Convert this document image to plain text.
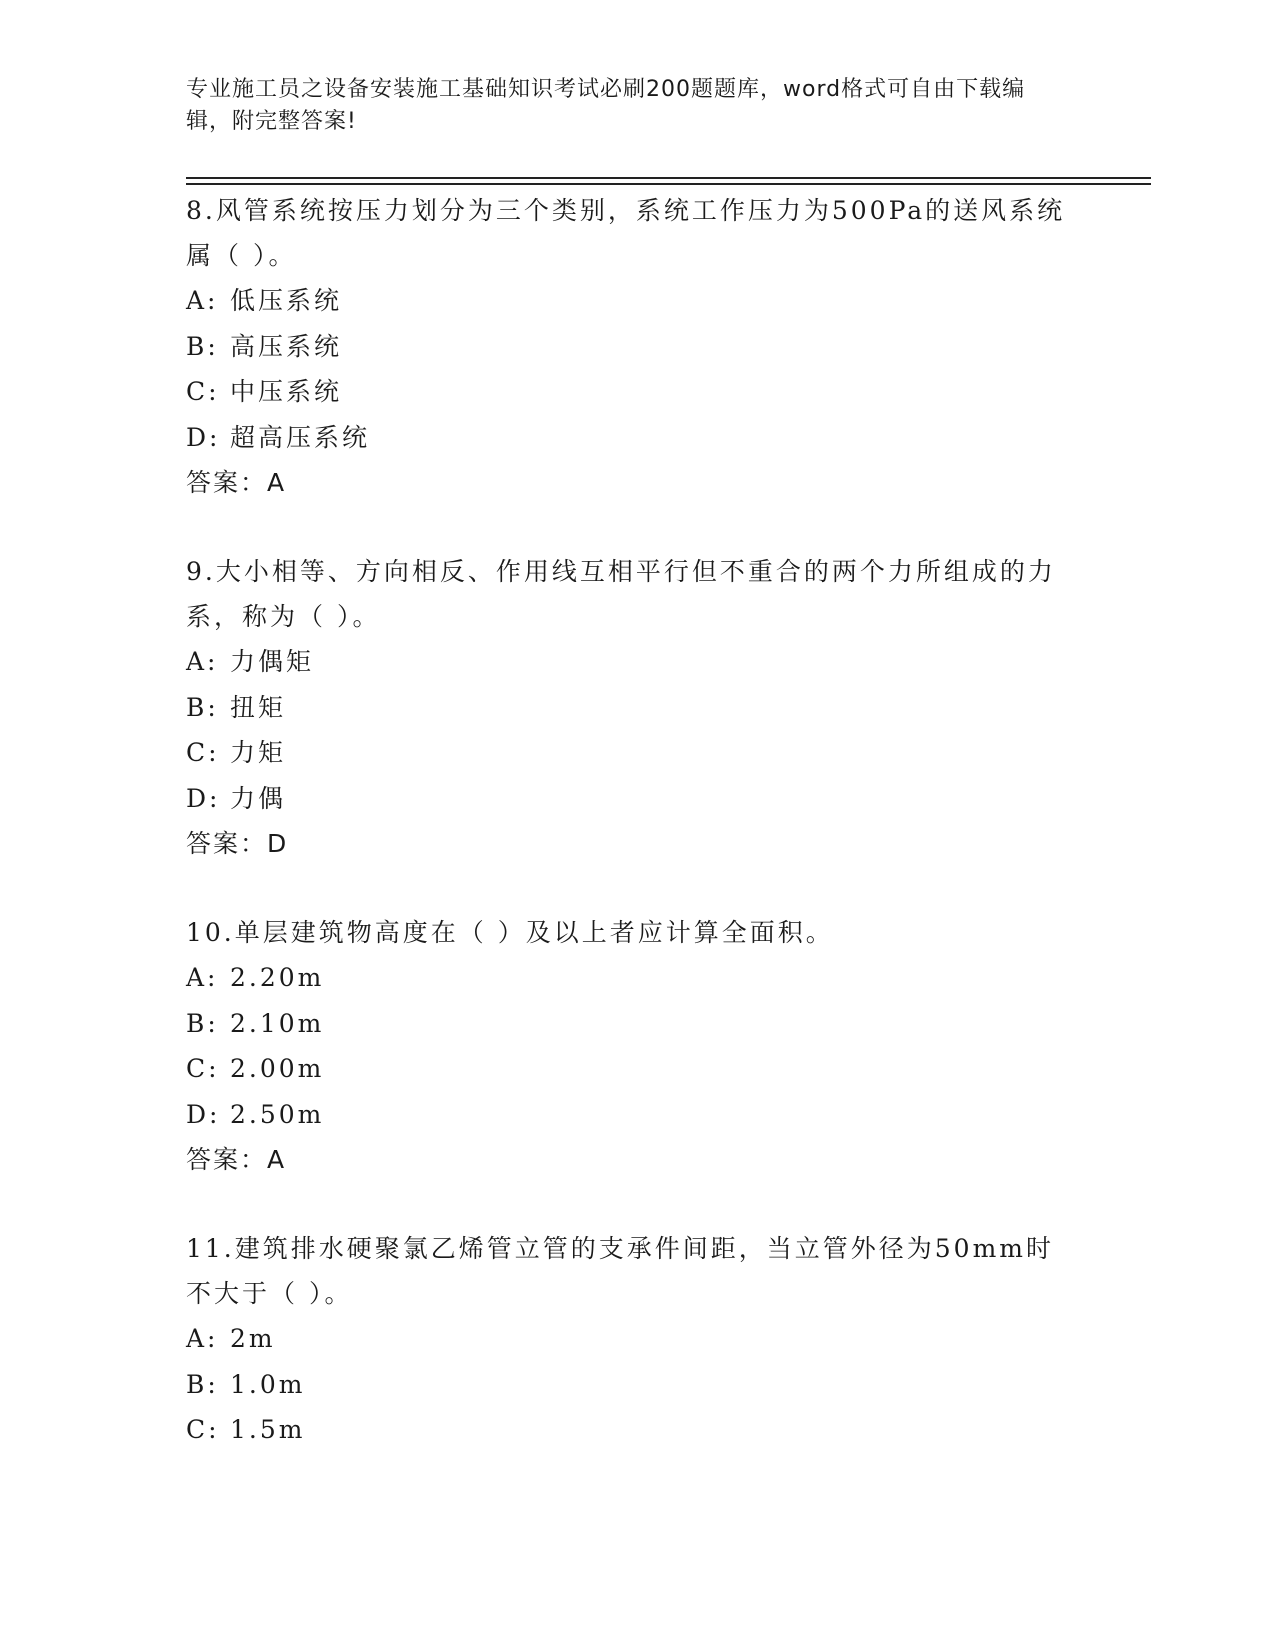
专业施工员之设备安装施工基础知识考试必刷200题题库，word格式可自由下载编辑，附完整答案!
8.风管系统按压力划分为三个类别，系统工作压力为500Pa的送风系统属（ ）。
A: 低压系统
B: 高压系统
C: 中压系统
D: 超高压系统
答案：A
9.大小相等、方向相反、作用线互相平行但不重合的两个力所组成的力系，称为（ ）。
A: 力偶矩
B: 扭矩
C: 力矩
D: 力偶
答案：D
10.单层建筑物高度在（ ）及以上者应计算全面积。
A: 2.20m
B: 2.10m
C: 2.00m
D: 2.50m
答案：A
11.建筑排水硬聚氯乙烯管立管的支承件间距，当立管外径为50mm时不大于（ ）。
A: 2m
B: 1.0m
C: 1.5m
